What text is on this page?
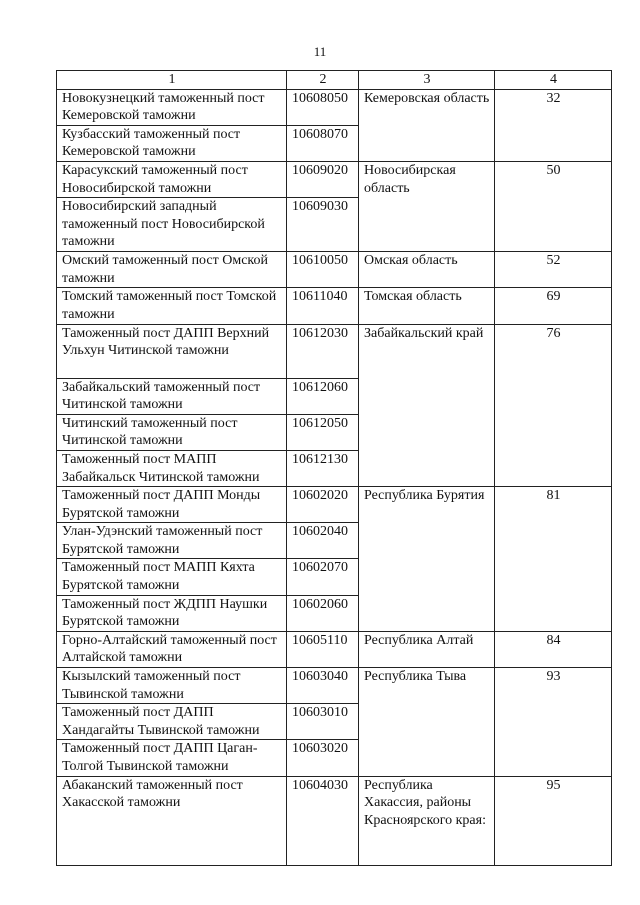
11
1	2	3	4
Новокузнецкий таможенный пост Кемеровской таможни	10608050	Кемеровская область	32
Кузбасский таможенный пост Кемеровской таможни	10608070		
Карасукский таможенный пост Новосибирской таможни	10609020	Новосибирская область	50
Новосибирский западный таможенный пост Новосибирской таможни	10609030		
Омский таможенный пост Омской таможни	10610050	Омская область	52
Томский таможенный пост Томской таможни	10611040	Томская область	69
Таможенный пост ДАПП Верхний Ульхун Читинской таможни	10612030	Забайкальский край	76
Забайкальский таможенный пост Читинской таможни	10612060		
Читинский таможенный пост Читинской таможни	10612050		
Таможенный пост МАПП Забайкальск Читинской таможни	10612130		
Таможенный пост ДАПП Монды Бурятской таможни	10602020	Республика Бурятия	81
Улан-Удэнский таможенный пост Бурятской таможни	10602040		
Таможенный пост МАПП Кяхта Бурятской таможни	10602070		
Таможенный пост ЖДПП Наушки Бурятской таможни	10602060		
Горно-Алтайский таможенный пост Алтайской таможни	10605110	Республика Алтай	84
Кызылский таможенный пост Тывинской таможни	10603040	Республика Тыва	93
Таможенный пост ДАПП Хандагайты Тывинской таможни	10603010		
Таможенный пост ДАПП Цаган-Толгой Тывинской таможни	10603020		
Абаканский таможенный пост Хакасской таможни	10604030	Республика Хакассия, районы Красноярского края:	95
